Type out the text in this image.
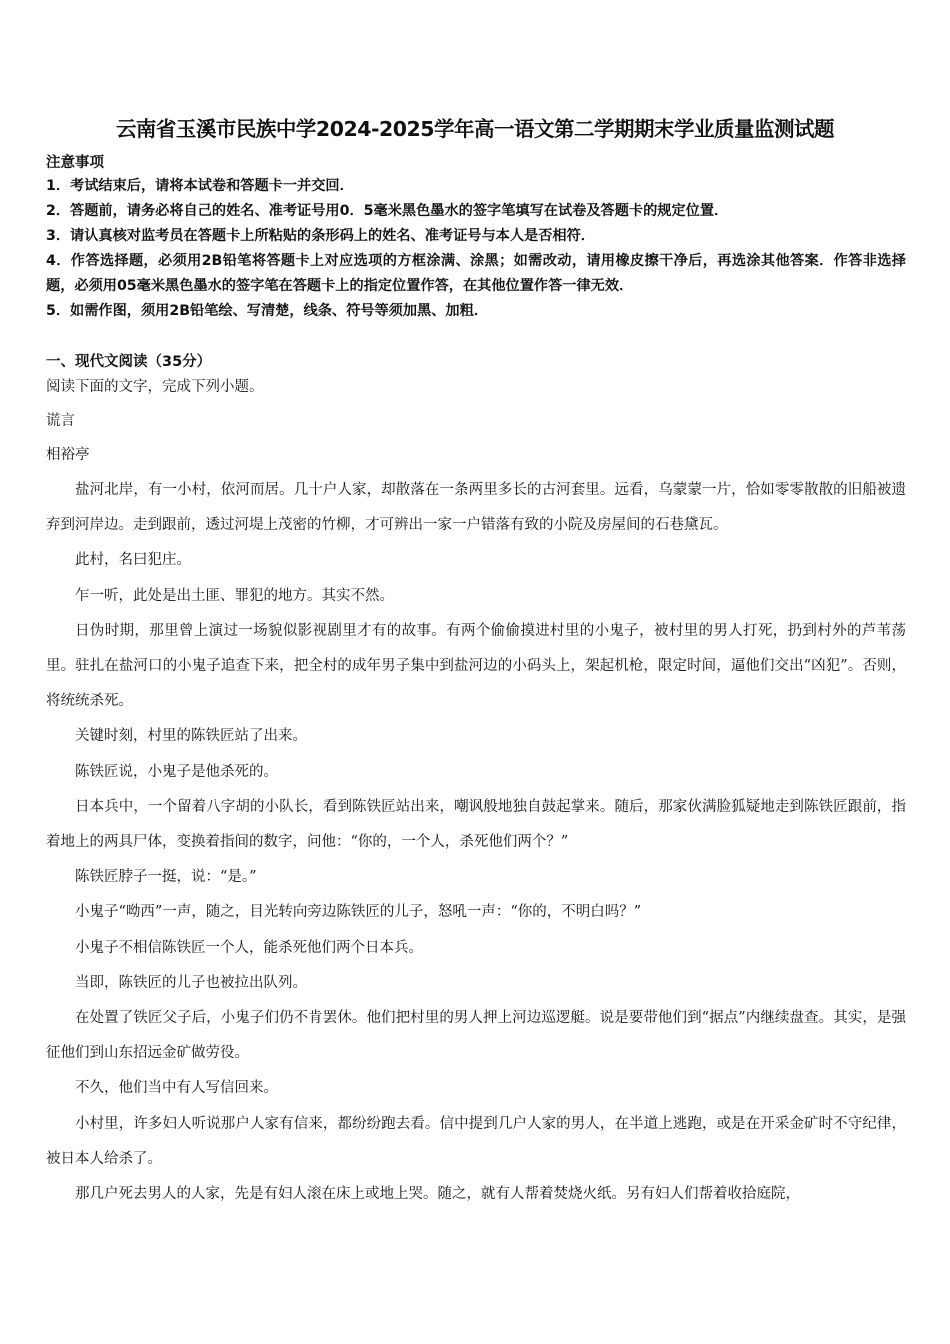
云南省玉溪市民族中学2024-2025学年高一语文第二学期期末学业质量监测试题
注意事项

1．考试结束后，请将本试卷和答题卡一并交回．

2．答题前，请务必将自己的姓名、准考证号用0．5毫米黑色墨水的签字笔填写在试卷及答题卡的规定位置．

3．请认真核对监考员在答题卡上所粘贴的条形码上的姓名、准考证号与本人是否相符．

4．作答选择题，必须用2B铅笔将答题卡上对应选项的方框涂满、涂黑；如需改动，请用橡皮擦干净后，再选涂其他答案．作答非选择题，必须用05毫米黑色墨水的签字笔在答题卡上的指定位置作答，在其他位置作答一律无效．

5．如需作图，须用2B铅笔绘、写清楚，线条、符号等须加黑、加粗．

一、现代文阅读（35分）
阅读下面的文字，完成下列小题。
谎言
相裕亭

盐河北岸，有一小村，依河而居。几十户人家，却散落在一条两里多长的古河套里。远看，乌蒙蒙一片，恰如零零散散的旧船被遗弃到河岸边。走到跟前，透过河堤上茂密的竹柳，才可辨出一家一户错落有致的小院及房屋间的石巷黛瓦。

此村，名曰犯庄。

乍一听，此处是出土匪、罪犯的地方。其实不然。

日伪时期，那里曾上演过一场貌似影视剧里才有的故事。有两个偷偷摸进村里的小鬼子，被村里的男人打死，扔到村外的芦苇荡里。驻扎在盐河口的小鬼子追查下来，把全村的成年男子集中到盐河边的小码头上，架起机枪，限定时间，逼他们交出“凶犯”。否则，将统统杀死。

关键时刻，村里的陈铁匠站了出来。

陈铁匠说，小鬼子是他杀死的。

日本兵中，一个留着八字胡的小队长，看到陈铁匠站出来，嘲讽般地独自鼓起掌来。随后，那家伙满脸狐疑地走到陈铁匠跟前，指着地上的两具尸体，变换着指间的数字，问他：“你的，一个人，杀死他们两个？”

陈铁匠脖子一挺，说：“是。”

小鬼子“呦西”一声，随之，目光转向旁边陈铁匠的儿子，怒吼一声：“你的，不明白吗？”

小鬼子不相信陈铁匠一个人，能杀死他们两个日本兵。

当即，陈铁匠的儿子也被拉出队列。

在处置了铁匠父子后，小鬼子们仍不肯罢休。他们把村里的男人押上河边巡逻艇。说是要带他们到“据点”内继续盘查。其实，是强征他们到山东招远金矿做劳役。

不久，他们当中有人写信回来。

小村里，许多妇人听说那户人家有信来，都纷纷跑去看。信中提到几户人家的男人，在半道上逃跑，或是在开采金矿时不守纪律，被日本人给杀了。

那几户死去男人的人家，先是有妇人滚在床上或地上哭。随之，就有人帮着焚烧火纸。另有妇人们帮着收拾庭院，
